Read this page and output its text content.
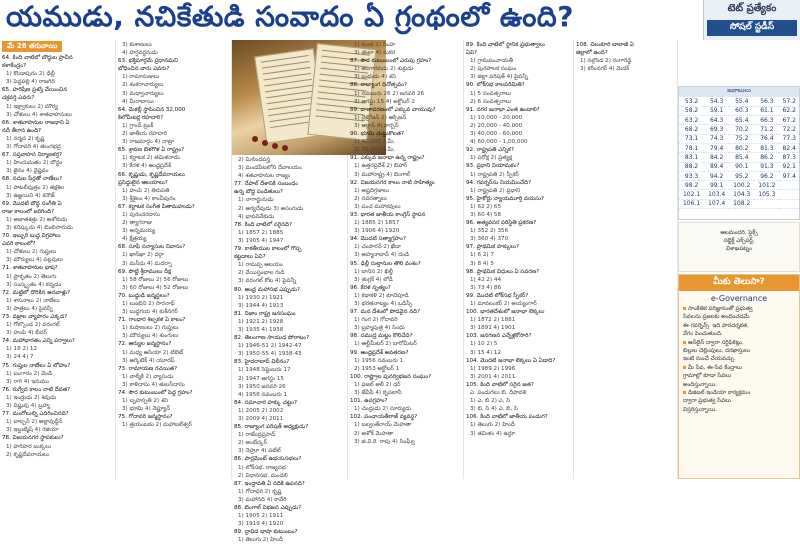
యముడు, నచికేతుడి సంవాదం ఏ గ్రంథంలో ఉంది?	టెట్ ప్రత్యేకం
సోషల్ స్టడీస్
మే 28 తరువాయి

64. కింది వాటిలో బౌద్ధుల ప్రాచీన

కళాకేంద్రం?

1) కొండాపురం 2) ఢిల్లీ

3) పెద్దపల్లి 4) రాజగిరి

65. హరిషేణ ప్రశస్తి వేయించిన

చక్రవర్తి ఎవరు?

1) ఇక్ష్వాకులు 2) మౌర్య

3) చోళులు 4) శాతవాహనులు

66. శాతవాహనుల రాజధాని ఏ

నదీ తీరాన ఉంది?

1) నర్మద 2) కృష్ణ

3) గోదావరి 4) తుంగభద్ర

67. సప్తవాహన నిర్మాణకర్త?

1) హిందుమతం 2) బౌద్ధం

3) జైనం 4) వైష్ణవం

68. నదుల పేర్లతో నాణేలు?

1) పాటలీపుత్రం 2) తక్షశిల

3) ఉజ్జయిని 4) కనౌజ్

69. మొదటి బౌద్ధ సంగీతి ఏ

రాజు కాలంలో జరిగింది?

1) అజాతశత్రు 2) అశోకుడు

3) కనిష్కుడు 4) బింబిసారుడు

70. ఇబ్బురి బుద్ధ విగ్రహాలు

ఎవరి కాలంలో?

1) చోళులు 2) గుప్తులు

3) మౌర్యులు 4) పల్లవులు

71. శాతవాహనుల భాష?

1) ప్రాకృతం 2) తెలుగు

3) సంస్కృతం 4) కన్నడం

72. మట్టిలో దొరికిన ఆనవాళ్లు?

1) శాసనాలు 2) నాణేలు

3) పాత్రలు 4) పైవన్నీ

73. వజ్రాల వ్యాపారం ఎక్కడ?

1) గోల్కొండ 2) వరంగల్

3) హంపి 4) బీదర్

74. మహాభారతం ఎన్ని పర్వాలు?

1) 18 2) 12

3) 24 4) 7

75. గుప్తుల నాణేలు ఏ లోహం?

1) బంగారం 2) వెండి

3) రాగి 4) ఇనుము

76. రుగ్వేద కాలం నాటి దేవత?

1) ఇంద్రుడు 2) శివుడు

3) విష్ణువు 4) బ్రహ్మ

77. మంగోలుల్ని ఎదిరించినది?

1) బాల్బన్ 2) అల్లావుద్దీన్

3) ఇల్టుట్మిష్ 4) రజియా

78. విజయనగర స్థాపకులు?

1) హరిహర బుక్కలు

2) కృష్ణదేవరాయలు

3) కుశాణులు

4) హర్షవర్ధనుడు

63. భక్తిమార్గమే ప్రధానమని

బోధించిన వారు ఎవరు?

1) రామానుజులు

2) శంకరాచార్యులు

3) మధ్వాచార్యులు

4) మీరాబాయి

64. మెకల్లీ స్థాపించిన 32,000

కిలోమీటర్ల రహదారి?

1) గ్రాండ్ ట్రంక్

2) జాతీయ రహదారి

3) రాజమార్గం 4) నాట్రా

65. శ్రావణ బెళగొళ ఏ రాష్ట్రం?

1) కర్ణాటక 2) తమిళనాడు

3) కేరళ 4) ఆంధ్రప్రదేశ్

66. కృష్ణుడు, కృష్ణదేవరాయలు

ప్రసిద్ధులైన ఆలయాలు?

1) హంపి 2) తిరుపతి

3) శ్రీశైలం 4) కాంచీపురం

67. కర్ణాటక సంగీత పితామహుడు?

1) పురందరదాసు

2) త్యాగరాజు

3) అన్నమయ్య

4) క్షేత్రయ్య

68. సూఫీ సన్యాసుల నివాసం?

1) ఖాన్‌ఖా 2) దర్గా

3) మసీదు 4) మదర్సా

69. పొట్టి శ్రీరాములు దీక్ష

1) 58 రోజులు 2) 56 రోజులు

3) 60 రోజులు 4) 52 రోజులు

70. బుద్ధుడి జన్మస్థలం?

1) లుంబిని 2) సారనాథ్

3) బుద్ధగయ 4) కుశీనగర్

71. గాంధార శిల్పకళ ఏ కాలం?

1) కుషాణులు 2) గుప్తులు

3) మౌర్యులు 4) శుంగులు

72. ఆర్యుల జన్మస్థానం?

1) మధ్య ఆసియా 2) టిబెట్

3) ఆర్కిటిక్ 4) యూరప్

73. రామాయణ రచయిత?

1) వాల్మీకి 2) వ్యాసుడు

3) కాళిదాసు 4) తులసీదాసు

74. సౌర కుటుంబంలో పెద్ద గ్రహం?

1) బృహస్పతి 2) శని

3) భూమి 4) నెప్ట్యూన్

75. గోదావరి జన్మస్థానం?

1) త్రయంబకం 2) మహాబలేశ్వర్

2) మిలిందపన్హ

3) మండపేటలోని దేవాలయం

4) శతవాహనుల రాజ్యం

77. నేపాల్ దేశానికి సంబంధం

ఉన్న బౌద్ధ పండితులు?

1) నాగార్జునుడు

2) ఆర్యదేవుడు 3) అసంగుడు

4) భావవివేకుడు

78. కింది వాటిలో సరైనది?

1) 1857 2) 1885

3) 1905 4) 1947

79. కాకతీయుల కాలంలో గొప్ప

కట్టడాలు ఏవి?

1) రామప్ప ఆలయం

2) వేయిస్తంభాల గుడి

3) వరంగల్ కోట 4) పైవన్నీ

80. ఆంధ్ర మహాసభ ఎప్పుడు?

1) 1930 2) 1921

3) 1944 4) 1913

81. నిజాం రాష్ట్ర జనసంఘం

1) 1921 2) 1928

3) 1935 4) 1938

82. తెలంగాణ సాయుధ పోరాటం?

1) 1946-51 2) 1942-47

3) 1950-55 4) 1938-43

83. హైదరాబాద్ విలీనం?

1) 1948 సెప్టెంబరు 17

2) 1947 ఆగస్టు 15

3) 1950 జనవరి 26

4) 1956 నవంబరు 1

84. సమాచార హక్కు చట్టం?

1) 2005 2) 2002

3) 2009 4) 2011

85. రాజ్యాంగ పరిషత్ అధ్యక్షుడు?

1) రాజేంద్రప్రసాద్

2) అంబేద్కర్

3) నెహ్రూ 4) పటేల్

86. పార్లమెంట్ ఉభయసభలు?

1) లోక్‌సభ, రాజ్యసభ

2) విధానసభ, మండలి

87. ఇంద్రావతి ఏ నదికి ఉపనది?

1) గోదావరి 2) కృష్ణ

3) మహానది 4) కావేరి

88. బెంగాల్ విభజన ఎప్పుడు?

1) 1905 2) 1911

3) 1919 4) 1920

89. ద్రావిడ భాషా కుటుంబం?

1) తెలుగు 2) హిందీ

1) కుంభ 2) సింహ

3) తులా 4) మకర

87. సౌర కుటుంబంలో ఎరుపు గ్రహం?

1) అంగారకుడు 2) శుక్రుడు

3) బుధుడు 4) శని

88. రాజ్యాంగ దినోత్సవం?

1) నవంబరు 26 2) జనవరి 26

3) ఆగస్టు 15 4) అక్టోబర్ 2

89. వాతావరణంలో ఎక్కువ వాయువు?

1) నైట్రోజన్ 2) ఆక్సిజన్

3) ఆర్గాన్ 4) కార్బన్

90. భూమి చుట్టుకొలత?

1) 40,000 కి.మీ.

2) 30,000 కి.మీ.

91. ఎక్కువ జనాభా ఉన్న రాష్ట్రం?

1) ఉత్తరప్రదేశ్ 2) బిహార్

3) మహారాష్ట్ర 4) బెంగాల్

92. విజయనగర కాలం నాటి సాహిత్యం

1) అష్టదిగ్గజాలు

2) నవరత్నాలు

3) పంచ మహాకవులు

93. భారత జాతీయ కాంగ్రెస్ స్థాపన

1) 1885 2) 1857

3) 1906 4) 1920

94. మొదటి సత్యాగ్రహం?

1) చంపారన్ 2) ఖేడా

3) అహ్మదాబాద్ 4) దండి

95. ఢిల్లీ సుల్తానుల తొలి వంశం?

1) బానిస 2) ఖిల్జీ

3) తుగ్లక్ 4) లోడీ

96. కేరళ నృత్యం?

1) కథాకళి 2) కూచిపూడి

3) భరతనాట్యం 4) ఒడిస్సీ

97. మన దేశంలో పొడవైన నది?

1) గంగ 2) గోదావరి

3) బ్రహ్మపుత్ర 4) సింధు

98. సముద్ర మట్టం కొలిచేది?

1) ఆల్టీమీటర్ 2) బారోమీటర్

99. ఆంధ్రప్రదేశ్ అవతరణ?

1) 1956 నవంబరు 1

2) 1953 అక్టోబర్ 1

100. రాష్ట్రాల పునర్విభజన సంఘం?

1) ఫజల్ అలీ 2) ధర్

3) జేవీపీ 4) కృపలానీ

101. ఉపగ్రహం?

1) చంద్రుడు 2) సూర్యుడు

102. పంచాయతీరాజ్ వ్యవస్థ?

1) బల్వంత్‌రాయ్ మెహతా

2) అశోక్ మెహతా

3) జి.వి.కె. రావు 4) సింఘ్వీ

89. కింది వాటిలో స్థానిక ప్రభుత్వాలు

ఏవి?

1) గ్రామపంచాయతీ

2) పురపాలక సంఘం

3) జిల్లా పరిషత్ 4) పైవన్నీ

90. లోక్‌సభ కాలపరిమితి?

1) 5 సంవత్సరాలు

2) 6 సంవత్సరాలు

91. నగర జనాభా ఎంత ఉండాలి?

1) 10,000 - 20,000

2) 20,000 - 40,000

3) 40,000 - 60,000

4) 60,000 - 1,00,000

92. రాష్ట్రపతి ఎన్నిక?

1) పరోక్ష 2) ప్రత్యక్ష

93. ప్రధాని నియామకం?

1) రాష్ట్రపతి 2) స్పీకర్

94. గవర్నర్‌ను నియమించేది?

1) రాష్ట్రపతి 2) ప్రధాని

95. హైకోర్టు న్యాయమూర్తి వయసు?

1) 62 2) 65

3) 60 4) 58

96. అత్యవసర పరిస్థితి ప్రకరణ?

1) 352 2) 356

3) 360 4) 370

97. ప్రాథమిక హక్కులు?

1) 6 2) 7

3) 8 4) 5

98. ప్రాథమిక విధులు ఏ సవరణ?

1) 42 2) 44

3) 73 4) 86

99. మొదటి లోక్‌సభ స్పీకర్?

1) మావలంకర్ 2) అయ్యంగార్

100. భారతదేశంలో జనాభా లెక్కలు

1) 1872 2) 1881

3) 1891 4) 1901

103. జనగణన ఎన్నేళ్లకోసారి?

1) 10 2) 5

3) 15 4) 12

104. మొదటి జనాభా లెక్కలు ఏ ఏడాది?

1) 1989 2) 1996

3) 2001 4) 2011

105. కింది వాటిలో సరైన జత?

ఎ. పండుగలు బి. దీపావళి

1) ఎ, బి 2) ఎ, సి

3) బి, సి 4) ఎ, బి, సి

106. కింది వాటిలో జాతీయ పండుగ?

1) తెలుగు 2) హిందీ

3) తమిళం 4) ఉర్దూ

108. చిలుకూరి బాలాజీ ఏ

జిల్లాలో ఉంది?

1) నల్గొండ 2) రంగారెడ్డి

3) కరీంనగర్ 4) మెదక్

జవాబులు
53.2	54.3	55.4	56.3	57.2
58.2	59.1	60.3	61.1	62.2
63.2	64.3	65.4	66.3	67.2
68.2	69.3	70.2	71.2	72.2
73.1	74.3	75.2	76.4	77.3
78.1	79.4	80.2	81.3	82.4
83.1	84.2	85.4	86.2	87.3
88.2	89.4	90.1	91.3	92.1
93.3	94.2	95.2	96.2	97.4
98.2	99.1	100.2	101.2	
102.1	103.4	104.3	105.3	
106.1	107.4	108.2		
ఆలమందరి, ఫ్లెక్స్
సబ్జెక్ట్ ఎక్స్‌పర్ట్,
విశాఖపట్నం
మీకు తెలుసా?
e-Governance

సాంకేతిక పరిజ్ఞానంతో ప్రభుత్వ

సేవలను ప్రజలకు అందించడమే

ఈ-గవర్నెన్స్. ఇది పారదర్శకత,

వేగం పెంచుతుంది.

ఆన్‌లైన్ ద్వారా సర్టిఫికెట్లు,

బిల్లుల చెల్లింపులు, దరఖాస్తులు

ఇంటి నుంచే చేయవచ్చు.

మీ సేవ, ఈ-సేవ కేంద్రాలు

గ్రామాల్లో కూడా సేవలు

అందిస్తున్నాయి.

డిజిటల్ ఇండియా కార్యక్రమం

ద్వారా ప్రభుత్వ సేవలు

విస్తరిస్తున్నాయి.
